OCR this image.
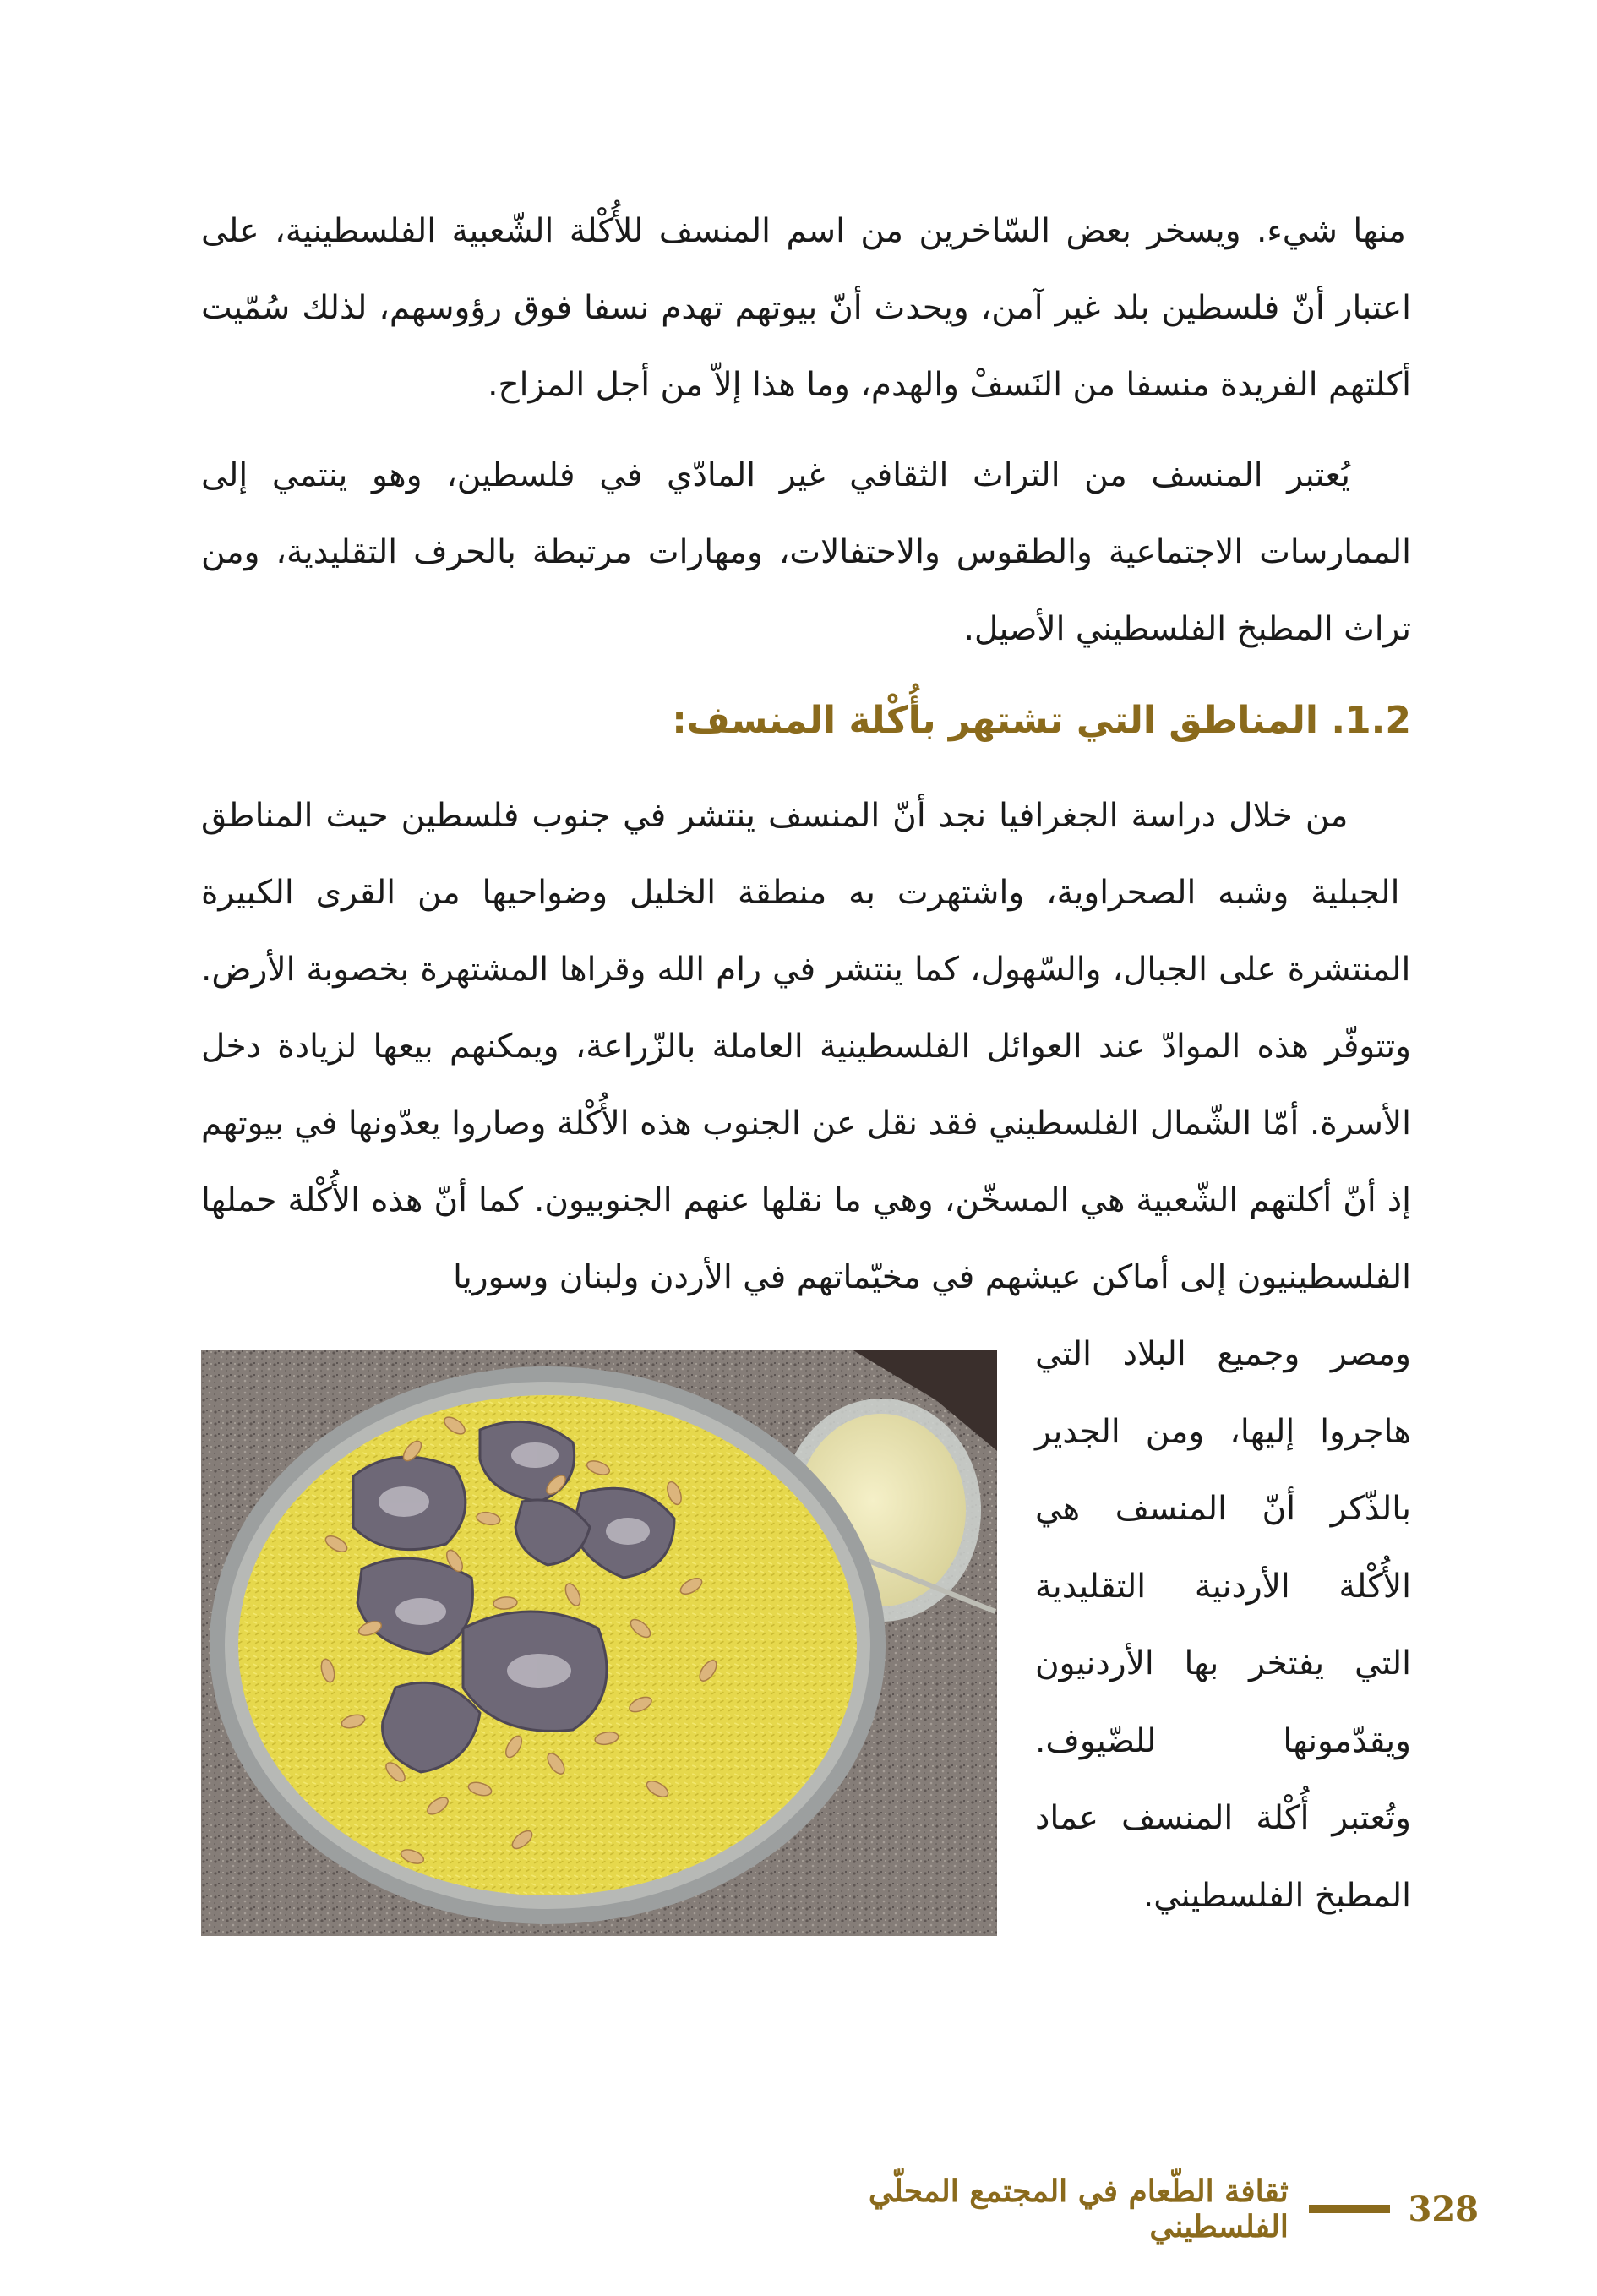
منها شيء. ويسخر بعض السّاخرين من اسم المنسف للأُكْلة الشّعبية الفلسطينية، على اعتبار أنّ فلسطين بلد غير آمن، ويحدث أنّ بيوتهم تهدم نسفا فوق رؤوسهم، لذلك سُمّيت أكلتهم الفريدة منسفا من النَسفْ والهدم، وما هذا إلاّ من أجل المزاح.

يُعتبر المنسف من التراث الثقافي غير المادّي في فلسطين، وهو ينتمي إلى الممارسات الاجتماعية والطقوس والاحتفالات، ومهارات مرتبطة بالحرف التقليدية، ومن تراث المطبخ الفلسطيني الأصيل.

1.2. المناطق التي تشتهر بأُكْلة المنسف:

من خلال دراسة الجغرافيا نجد أنّ المنسف ينتشر في جنوب فلسطين حيث المناطق الجبلية وشبه الصحراوية، واشتهرت به منطقة الخليل وضواحيها من القرى الكبيرة المنتشرة على الجبال، والسّهول، كما ينتشر في رام الله وقراها المشتهرة بخصوبة الأرض. وتتوفّر هذه الموادّ عند العوائل الفلسطينية العاملة بالزّراعة، ويمكنهم بيعها لزيادة دخل الأسرة. أمّا الشّمال الفلسطيني فقد نقل عن الجنوب هذه الأُكْلة وصاروا يعدّونها في بيوتهم إذ أنّ أكلتهم الشّعبية هي المسخّن، وهي ما نقلها عنهم الجنوبيون. كما أنّ هذه الأُكْلة حملها الفلسطينيون إلى أماكن عيشهم في مخيّماتهم في الأردن ولبنان وسوريا

ومصر وجميع البلاد التي
هاجروا إليها، ومن الجدير
بالذّكر أنّ المنسف هي
الأُكْلة الأردنية التقليدية
التي يفتخر بها الأردنيون
ويقدّمونها للضّيوف.
وتُعتبر أُكْلة المنسف عماد
المطبخ الفلسطيني.
328
ثقافة الطّعام في المجتمع المحلّي الفلسطيني
